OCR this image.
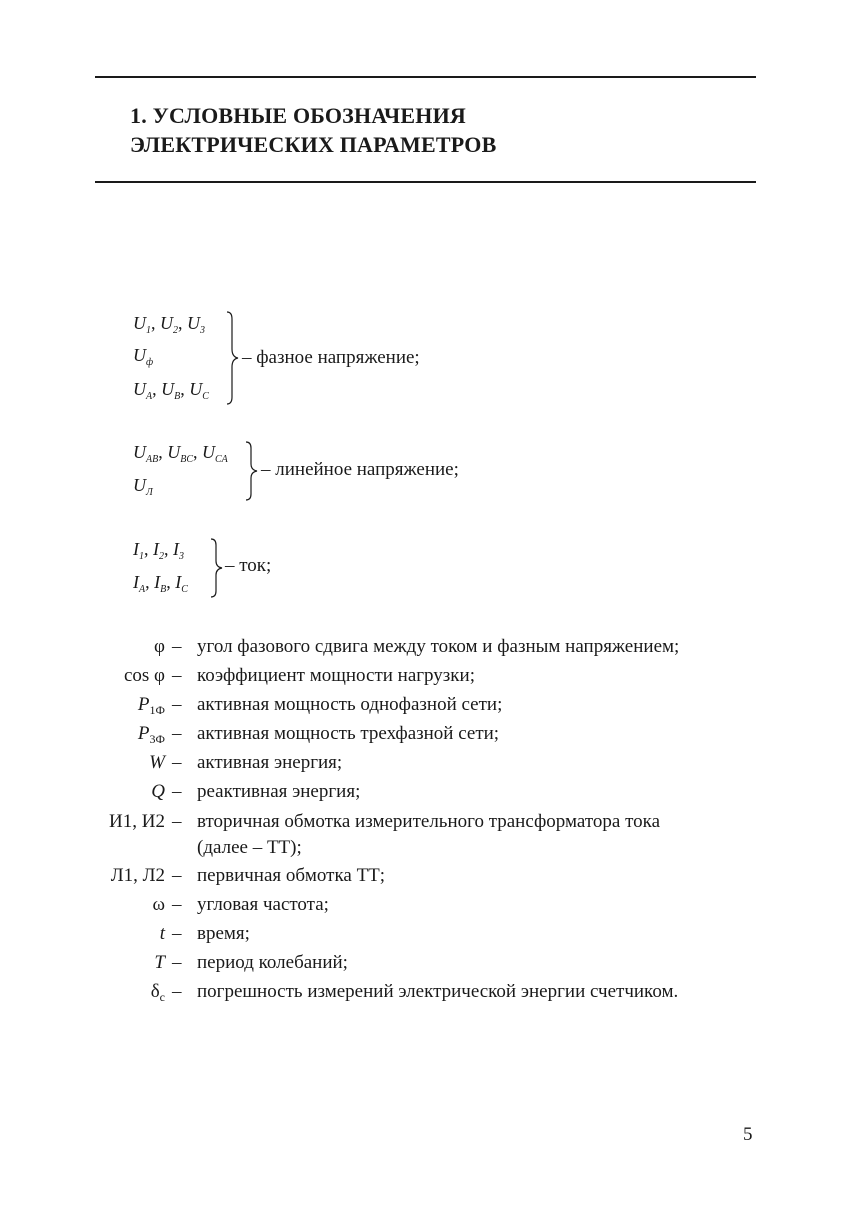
1. УСЛОВНЫЕ ОБОЗНАЧЕНИЯ
ЭЛЕКТРИЧЕСКИХ ПАРАМЕТРОВ
$U_1$, $U_2$, $U_3$
$U_ф$
$U_A$, $U_B$, $U_C$
– фазное напряжение;
$U_{AB}$, $U_{BC}$, $U_{CA}$
$U_Л$
– линейное напряжение;
$I_1$, $I_2$, $I_3$
$I_A$, $I_B$, $I_C$
– ток;
φ – угол фазового сдвига между током и фазным напряжением;
cos φ – коэффициент мощности нагрузки;
$P_{1Ф}$ – активная мощность однофазной сети;
$P_{3Ф}$ – активная мощность трехфазной сети;
W – активная энергия;
Q – реактивная энергия;
И1, И2 – вторичная обмотка измерительного трансформатора тока
(далее – ТТ);
Л1, Л2 – первичная обмотка ТТ;
ω – угловая частота;
t – время;
T – период колебаний;
$\delta_с$ – погрешность измерений электрической энергии счетчиком.
5
